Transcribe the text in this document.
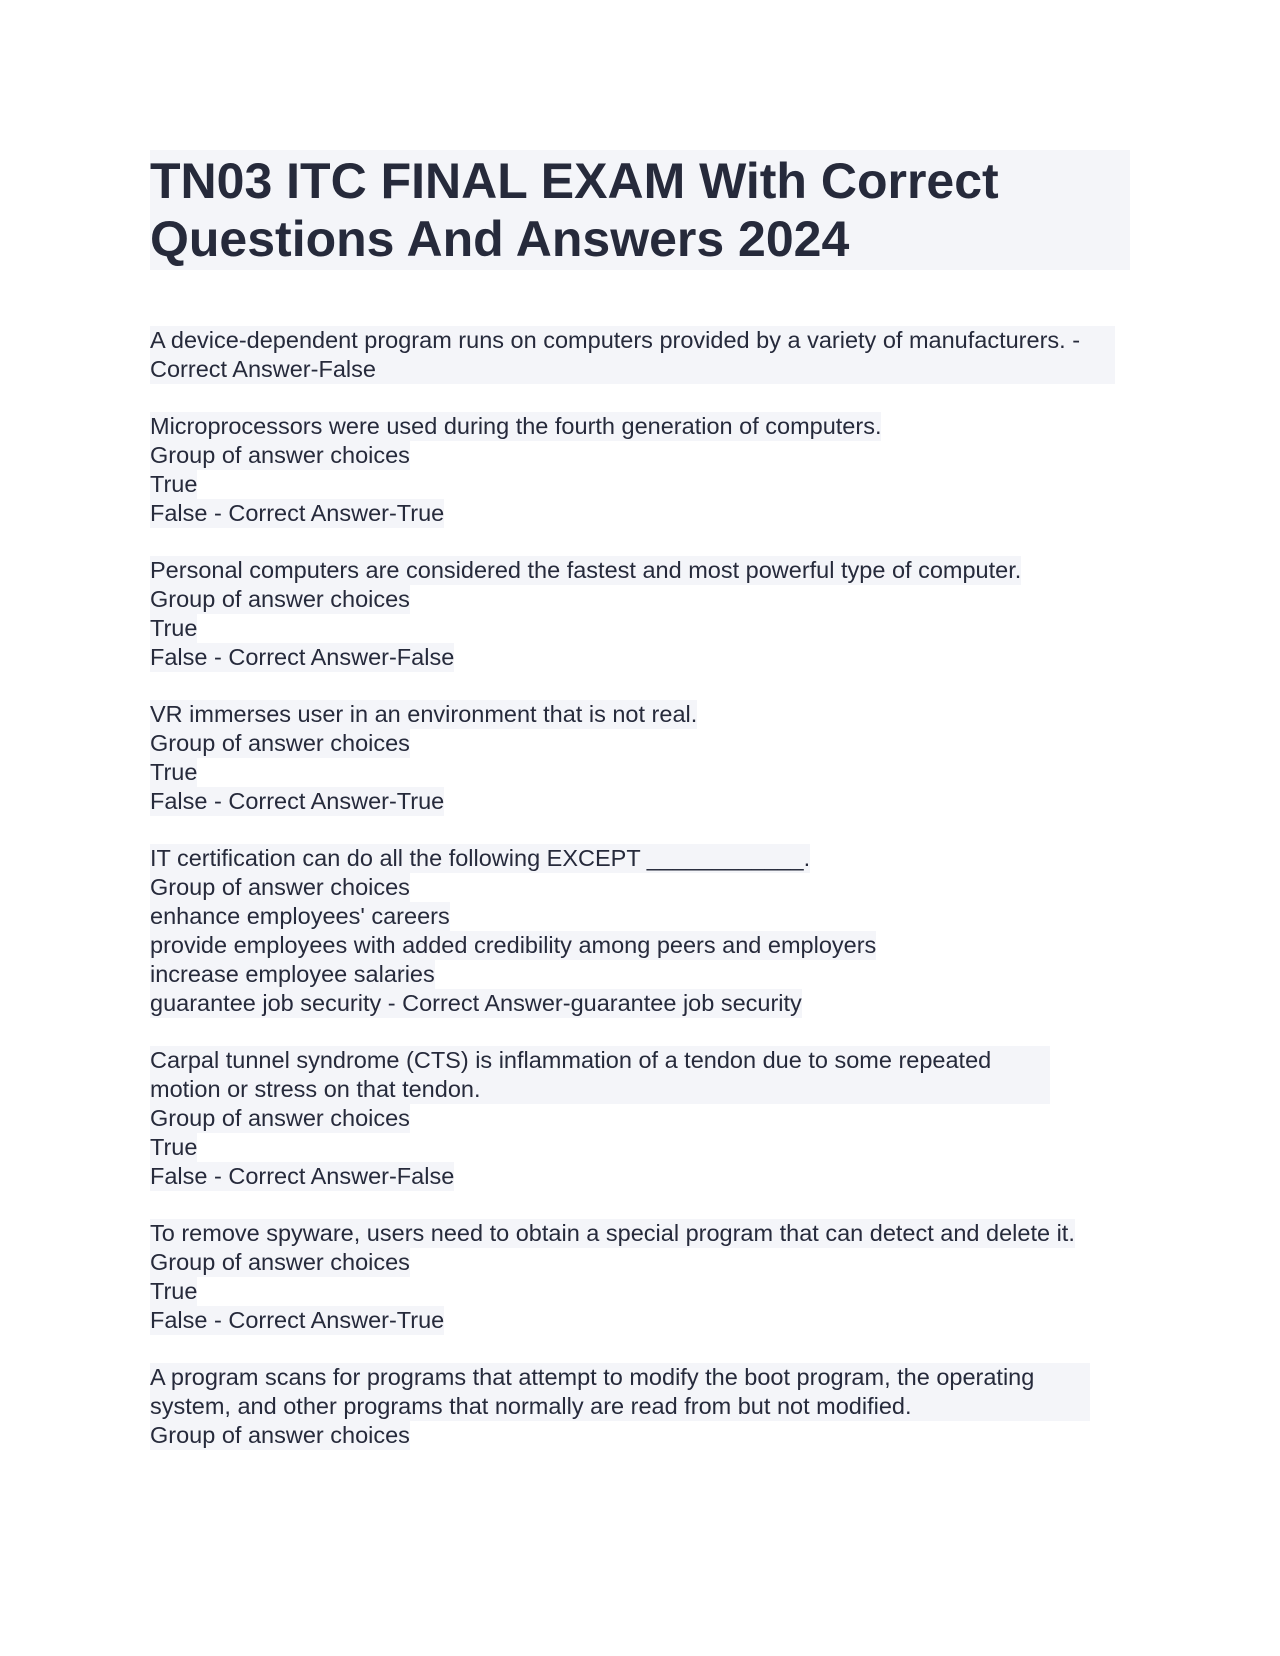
TN03 ITC FINAL EXAM With Correct Questions And Answers 2024
A device-dependent program runs on computers provided by a variety of manufacturers. - Correct Answer-False
Microprocessors were used during the fourth generation of computers.
Group of answer choices
True
False - Correct Answer-True
Personal computers are considered the fastest and most powerful type of computer.
Group of answer choices
True
False - Correct Answer-False
VR immerses user in an environment that is not real.
Group of answer choices
True
False - Correct Answer-True
IT certification can do all the following EXCEPT ____________.
Group of answer choices
enhance employees' careers
provide employees with added credibility among peers and employers
increase employee salaries
guarantee job security - Correct Answer-guarantee job security
Carpal tunnel syndrome (CTS) is inflammation of a tendon due to some repeated motion or stress on that tendon.
Group of answer choices
True
False - Correct Answer-False
To remove spyware, users need to obtain a special program that can detect and delete it.
Group of answer choices
True
False - Correct Answer-True
A program scans for programs that attempt to modify the boot program, the operating system, and other programs that normally are read from but not modified.
Group of answer choices
